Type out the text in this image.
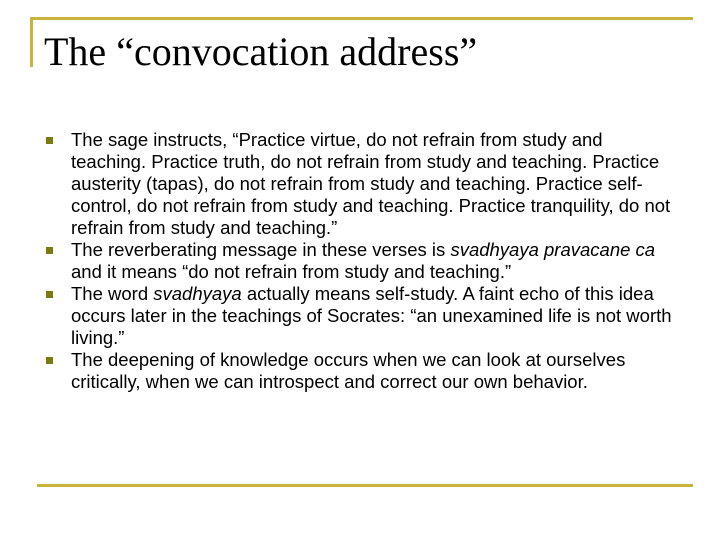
The “convocation address”
The sage instructs, “Practice virtue, do not refrain from study and teaching. Practice truth, do not refrain from study and teaching. Practice austerity (tapas), do not refrain from study and teaching. Practice self-control, do not refrain from study and teaching. Practice tranquility, do not refrain from study and teaching.”
The reverberating message in these verses is svadhyaya pravacane ca and it means “do not refrain from study and teaching.”
The word svadhyaya actually means self-study. A faint echo of this idea occurs later in the teachings of Socrates: “an unexamined life is not worth living.”
The deepening of knowledge occurs when we can look at ourselves critically, when we can introspect and correct our own behavior.
